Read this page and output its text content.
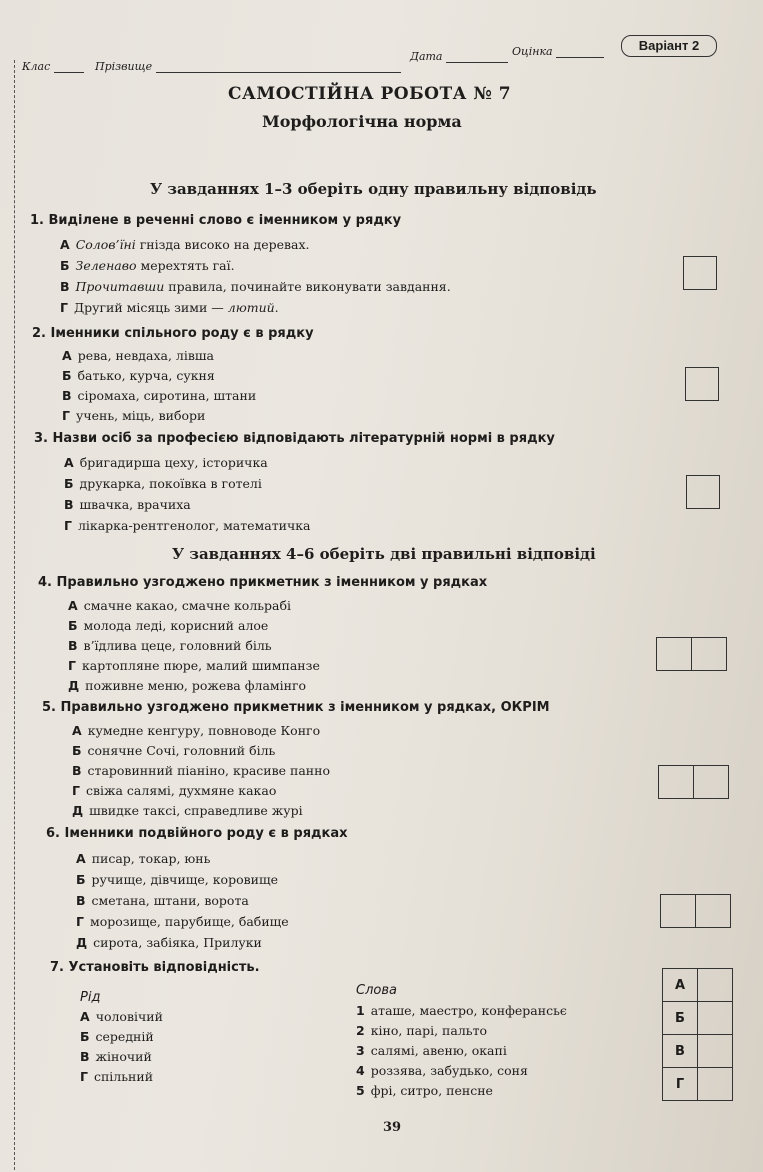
Клас	Прізвище
Дата	Оцінка	Варіант 2
САМОСТІЙНА РОБОТА № 7
Морфологічна норма
У завданнях 1–3 оберіть одну правильну відповідь
1. Виділене в реченні слово є іменником у рядку
А Солов’їні гнізда високо на деревах.
Б Зеленаво мерехтять гаї.
В Прочитавши правила, починайте виконувати завдання.
Г Другий місяць зими — лютий.
2. Іменники спільного роду є в рядку
А рева, невдаха, лівша
Б батько, курча, сукня
В сіромаха, сиротина, штани
Г учень, міць, вибори
3. Назви осіб за професією відповідають літературній нормі в рядку
А бригадирша цеху, історичка
Б друкарка, покоївка в готелі
В швачка, врачиха
Г лікарка-рентгенолог, математичка
У завданнях 4–6 оберіть дві правильні відповіді
4. Правильно узгоджено прикметник з іменником у рядках
А смачне какао, смачне кольрабі
Б молода леді, корисний алое
В в’їдлива цеце, головний біль
Г картопляне пюре, малий шимпанзе
Д поживне меню, рожева фламінго
5. Правильно узгоджено прикметник з іменником у рядках, ОКРІМ
А кумедне кенгуру, повноводе Конго
Б сонячне Сочі, головний біль
В старовинний піаніно, красиве панно
Г свіжа салямі, духмяне какао
Д швидке таксі, справедливе журі
6. Іменники подвійного роду є в рядках
А писар, токар, юнь
Б ручище, дівчище, коровище
В сметана, штани, ворота
Г морозище, парубище, бабище
Д сирота, забіяка, Прилуки
7. Установіть відповідність.
Рід	Слова
А чоловічий
Б середній
В жіночий
Г спільний
1 аташе, маестро, конферансьє
2 кіно, парі, пальто
3 салямі, авеню, окапі
4 роззява, забудько, соня
5 фрі, ситро, пенсне
А	
Б	
В	
Г	
39
